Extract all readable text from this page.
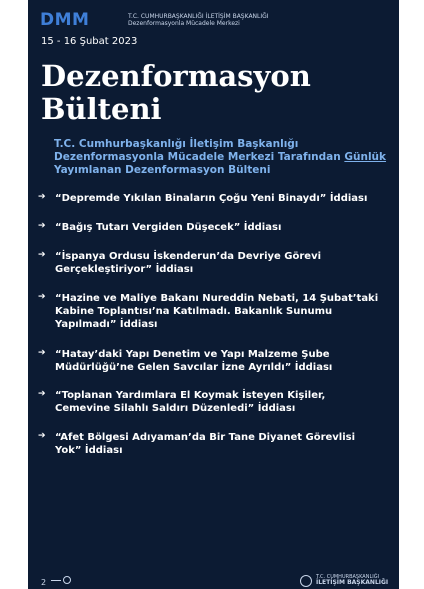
DMM	T.C. CUMHURBAŞKANLIĞI İLETİŞİM BAŞKANLIĞI
Dezenformasyonla Mücadele Merkezi
15 - 16 Şubat 2023
Dezenformasyon
Bülteni
T.C. Cumhurbaşkanlığı İletişim Başkanlığı
Dezenformasyonla Mücadele Merkezi Tarafından Günlük
Yayımlanan Dezenformasyon Bülteni
➔ “Depremde Yıkılan Binaların Çoğu Yeni Binaydı” İddiası
➔ “Bağış Tutarı Vergiden Düşecek” İddiası
➔ “İspanya Ordusu İskenderun’da Devriye Görevi
Gerçekleştiriyor” İddiası
➔ “Hazine ve Maliye Bakanı Nureddin Nebati, 14 Şubat’taki
Kabine Toplantısı’na Katılmadı. Bakanlık Sunumu
Yapılmadı” İddiası
➔ “Hatay’daki Yapı Denetim ve Yapı Malzeme Şube
Müdürlüğü’ne Gelen Savcılar İzne Ayrıldı” İddiası
➔ “Toplanan Yardımlara El Koymak İsteyen Kişiler,
Cemevine Silahlı Saldırı Düzenledi” İddiası
➔ “Afet Bölgesi Adıyaman’da Bir Tane Diyanet Görevlisi
Yok” İddiası
2
T.C. CUMHURBAŞKANLIĞI
İLETİŞİM BAŞKANLIĞI
